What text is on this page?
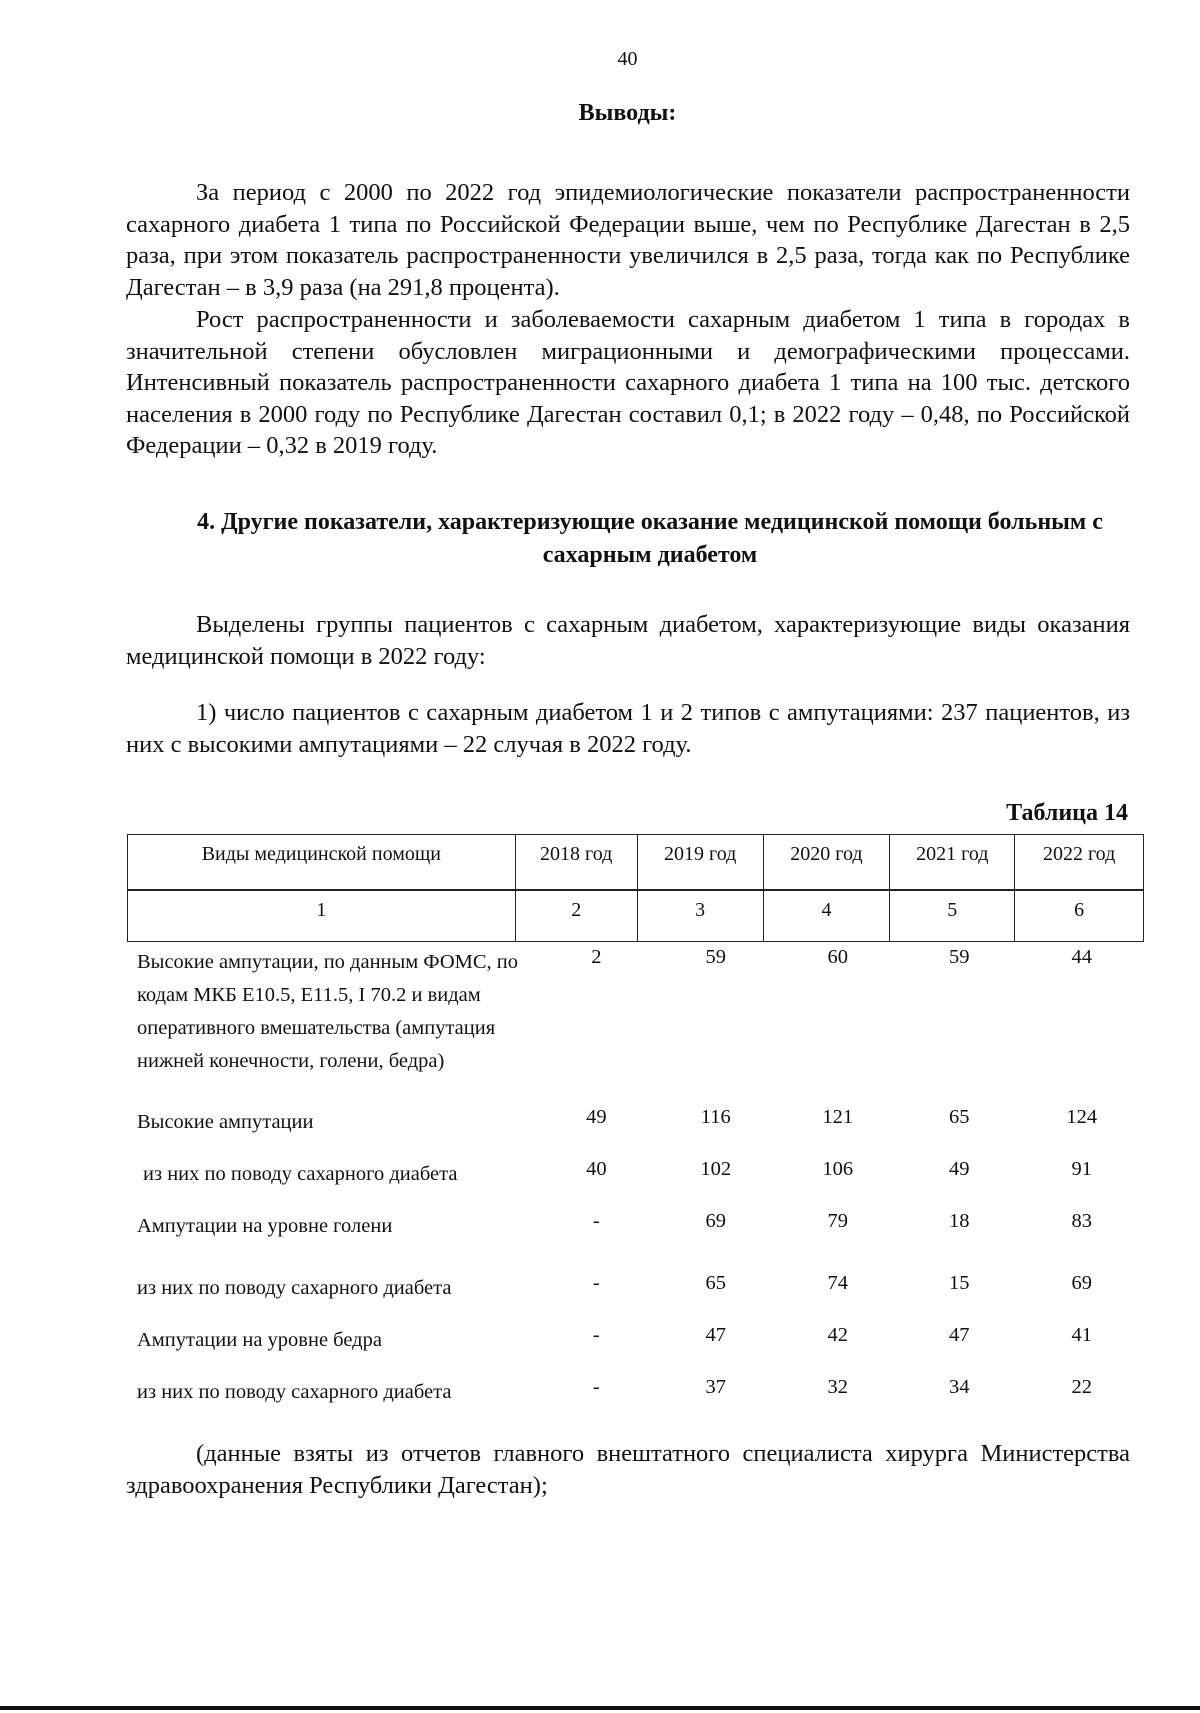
40
Выводы:

За период с 2000 по 2022 год эпидемиологические показатели распространенности сахарного диабета 1 типа по Российской Федерации выше, чем по Республике Дагестан в 2,5 раза, при этом показатель распространенности увеличился в 2,5 раза, тогда как по Республике Дагестан – в 3,9 раза (на 291,8 процента).

Рост распространенности и заболеваемости сахарным диабетом 1 типа в городах в значительной степени обусловлен миграционными и демографическими процессами. Интенсивный показатель распространенности сахарного диабета 1 типа на 100 тыс. детского населения в 2000 году по Республике Дагестан составил 0,1; в 2022 году – 0,48, по Российской Федерации – 0,32 в 2019 году.

4. Другие показатели, характеризующие оказание медицинской помощи больным с сахарным диабетом

Выделены группы пациентов с сахарным диабетом, характеризующие виды оказания медицинской помощи в 2022 году:

1) число пациентов с сахарным диабетом 1 и 2 типов с ампутациями: 237 пациентов, из них с высокими ампутациями – 22 случая в 2022 году.

Таблица 14
Виды медицинской помощи	2018 год	2019 год	2020 год	2021 год	2022 год
1	2	3	4	5	6
Высокие ампутации, по данным ФОМС, по кодам МКБ Е10.5, Е11.5, I 70.2 и видам оперативного вмешательства (ампутация нижней конечности, голени, бедра)	2	59	60	59	44
Высокие ампутации	49	116	121	65	124
из них по поводу сахарного диабета	40	102	106	49	91
Ампутации на уровне голени	-	69	79	18	83
из них по поводу сахарного диабета	-	65	74	15	69
Ампутации на уровне бедра	-	47	42	47	41
из них по поводу сахарного диабета	-	37	32	34	22

(данные взяты из отчетов главного внештатного специалиста хирурга Министерства здравоохранения Республики Дагестан);
